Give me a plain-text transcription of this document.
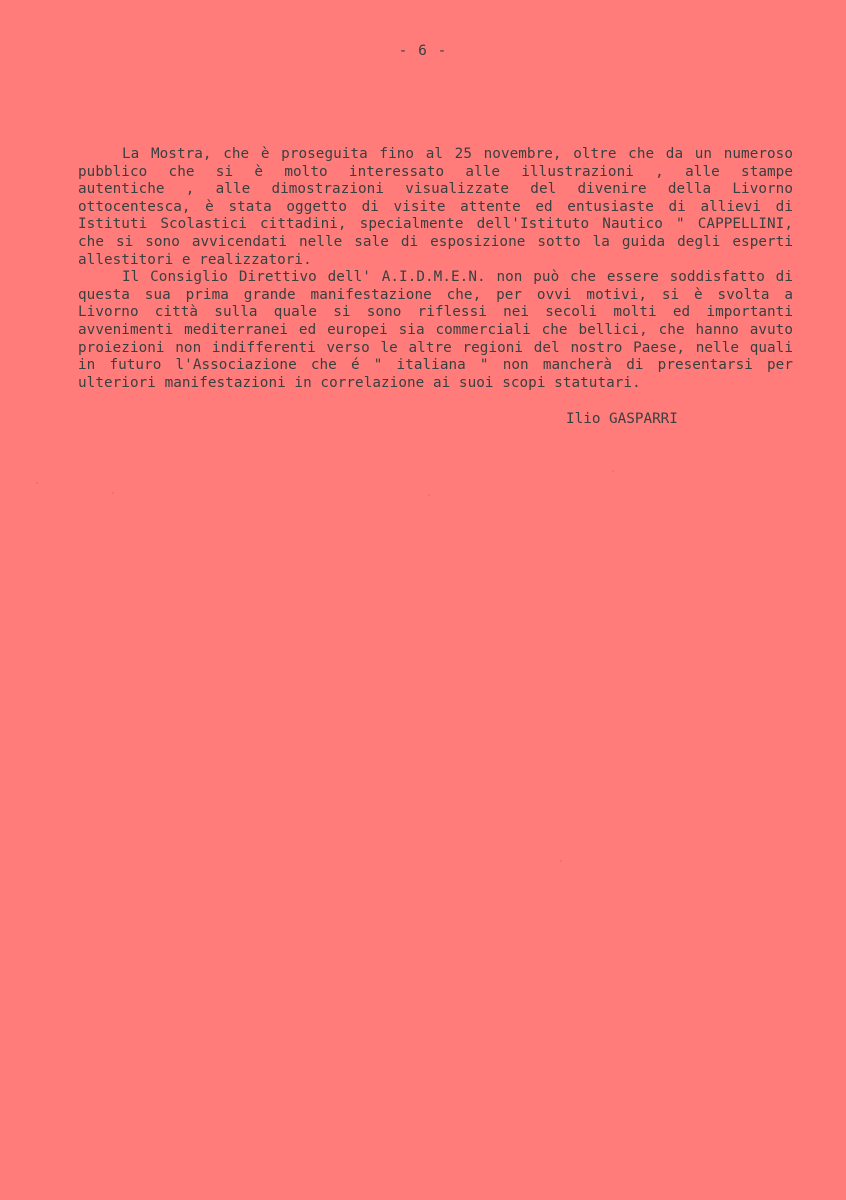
- 6 -
La Mostra, che è proseguita fino al 25 novembre, oltre che da un numeroso
pubblico che si è molto interessato alle illustrazioni , alle stampe
autentiche , alle dimostrazioni visualizzate del divenire della Livorno
ottocentesca, è stata oggetto di visite attente ed entusiaste di allievi di
Istituti Scolastici cittadini, specialmente dell'Istituto Nautico " CAPPELLINI,
che si sono avvicendati nelle sale di esposizione sotto la guida degli esperti
allestitori e realizzatori.
Il Consiglio Direttivo dell' A.I.D.M.E.N. non può che essere soddisfatto di
questa sua prima grande manifestazione che, per ovvi motivi, si è svolta a
Livorno città sulla quale si sono riflessi nei secoli molti ed importanti
avvenimenti mediterranei ed europei sia commerciali che bellici, che hanno avuto
proiezioni non indifferenti verso le altre regioni del nostro Paese, nelle quali
in futuro l'Associazione che é " italiana " non mancherà di presentarsi per
ulteriori manifestazioni in correlazione ai suoi scopi statutari.
Ilio GASPARRI
